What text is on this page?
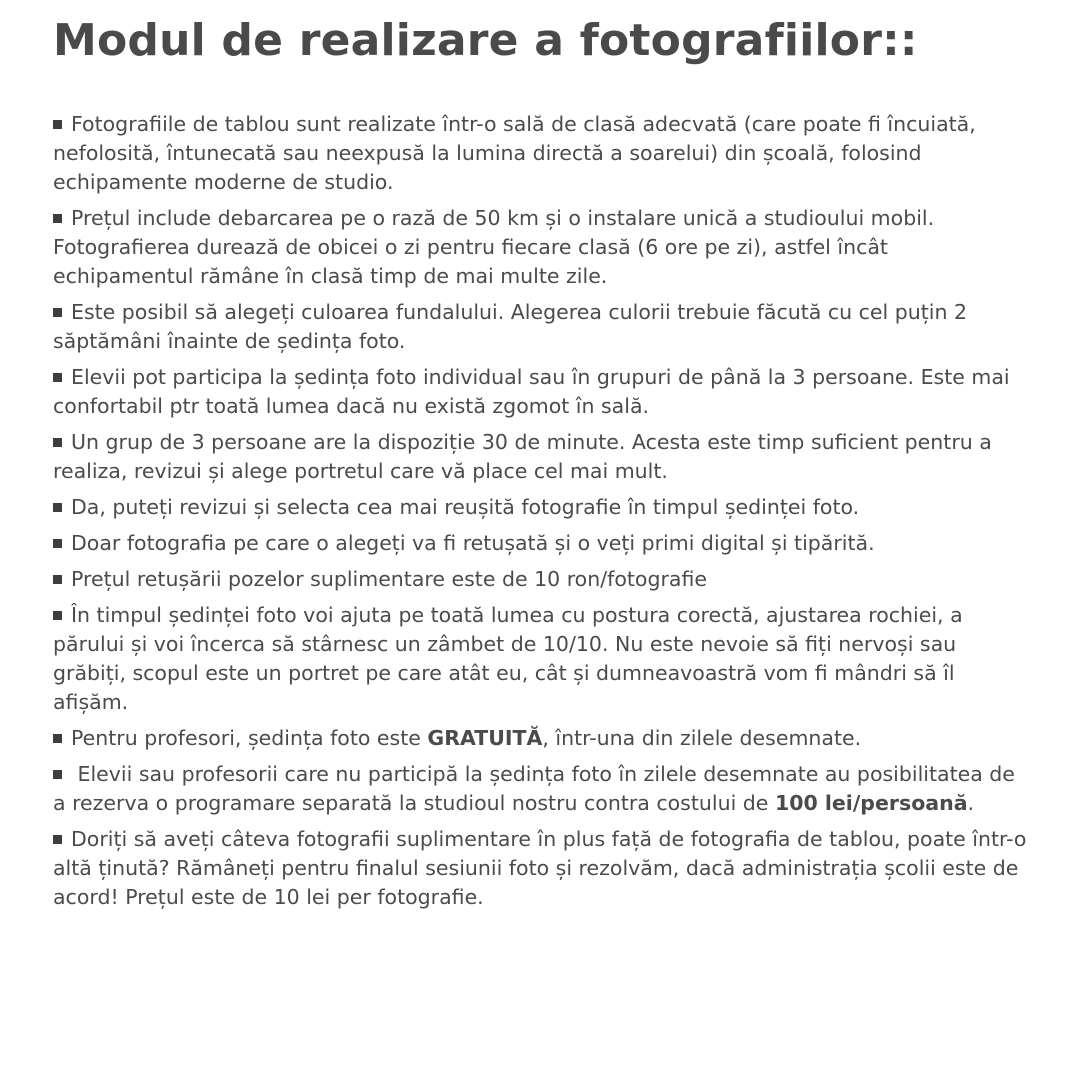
Modul de realizare a fotografiilor::

Fotografiile de tablou sunt realizate într-o sală de clasă adecvată (care poate fi încuiată, nefolosită, întunecată sau neexpusă la lumina directă a soarelui) din școală, folosind echipamente moderne de studio.

Prețul include debarcarea pe o rază de 50 km și o instalare unică a studioului mobil. Fotografierea durează de obicei o zi pentru fiecare clasă (6 ore pe zi), astfel încât echipamentul rămâne în clasă timp de mai multe zile.

Este posibil să alegeți culoarea fundalului. Alegerea culorii trebuie făcută cu cel puțin 2 săptămâni înainte de ședința foto.

Elevii pot participa la ședința foto individual sau în grupuri de până la 3 persoane. Este mai confortabil ptr toată lumea dacă nu există zgomot în sală.

Un grup de 3 persoane are la dispoziție 30 de minute. Acesta este timp suficient pentru a realiza, revizui și alege portretul care vă place cel mai mult.

Da, puteți revizui și selecta cea mai reușită fotografie în timpul ședinței foto.

Doar fotografia pe care o alegeți va fi retușată și o veți primi digital și tipărită.

Prețul retușării pozelor suplimentare este de 10 ron/fotografie

În timpul ședinței foto voi ajuta pe toată lumea cu postura corectă, ajustarea rochiei, a părului și voi încerca să stârnesc un zâmbet de 10/10. Nu este nevoie să fiți nervoși sau grăbiți, scopul este un portret pe care atât eu, cât și dumneavoastră vom fi mândri să îl afișăm.

Pentru profesori, ședința foto este GRATUITĂ, într-una din zilele desemnate.

Elevii sau profesorii care nu participă la ședința foto în zilele desemnate au posibilitatea de a rezerva o programare separată la studioul nostru contra costului de 100 lei/persoană.

Doriți să aveți câteva fotografii suplimentare în plus față de fotografia de tablou, poate într-o altă ținută? Rămâneți pentru finalul sesiunii foto și rezolvăm, dacă administrația școlii este de acord! Prețul este de 10 lei per fotografie.
